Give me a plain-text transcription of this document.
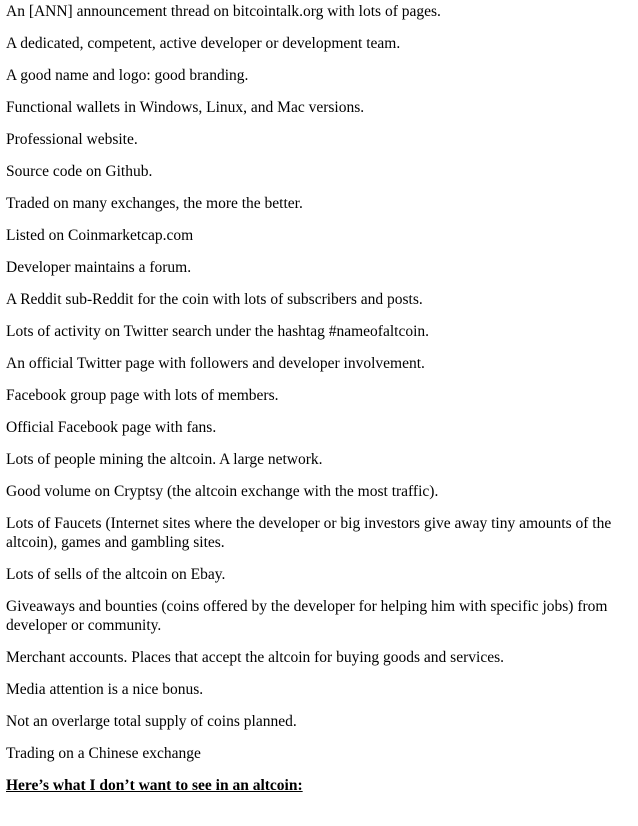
An [ANN] announcement thread on bitcointalk.org with lots of pages.

A dedicated, competent, active developer or development team.

A good name and logo: good branding.

Functional wallets in Windows, Linux, and Mac versions.

Professional website.

Source code on Github.

Traded on many exchanges, the more the better.

Listed on Coinmarketcap.com

Developer maintains a forum.

A Reddit sub-Reddit for the coin with lots of subscribers and posts.

Lots of activity on Twitter search under the hashtag #nameofaltcoin.

An official Twitter page with followers and developer involvement.

Facebook group page with lots of members.

Official Facebook page with fans.

Lots of people mining the altcoin. A large network.

Good volume on Cryptsy (the altcoin exchange with the most traffic).

Lots of Faucets (Internet sites where the developer or big investors give away tiny amounts of the altcoin), games and gambling sites.

Lots of sells of the altcoin on Ebay.

Giveaways and bounties (coins offered by the developer for helping him with specific jobs) from developer or community.

Merchant accounts. Places that accept the altcoin for buying goods and services.

Media attention is a nice bonus.

Not an overlarge total supply of coins planned.

Trading on a Chinese exchange

Here’s what I don’t want to see in an altcoin:
